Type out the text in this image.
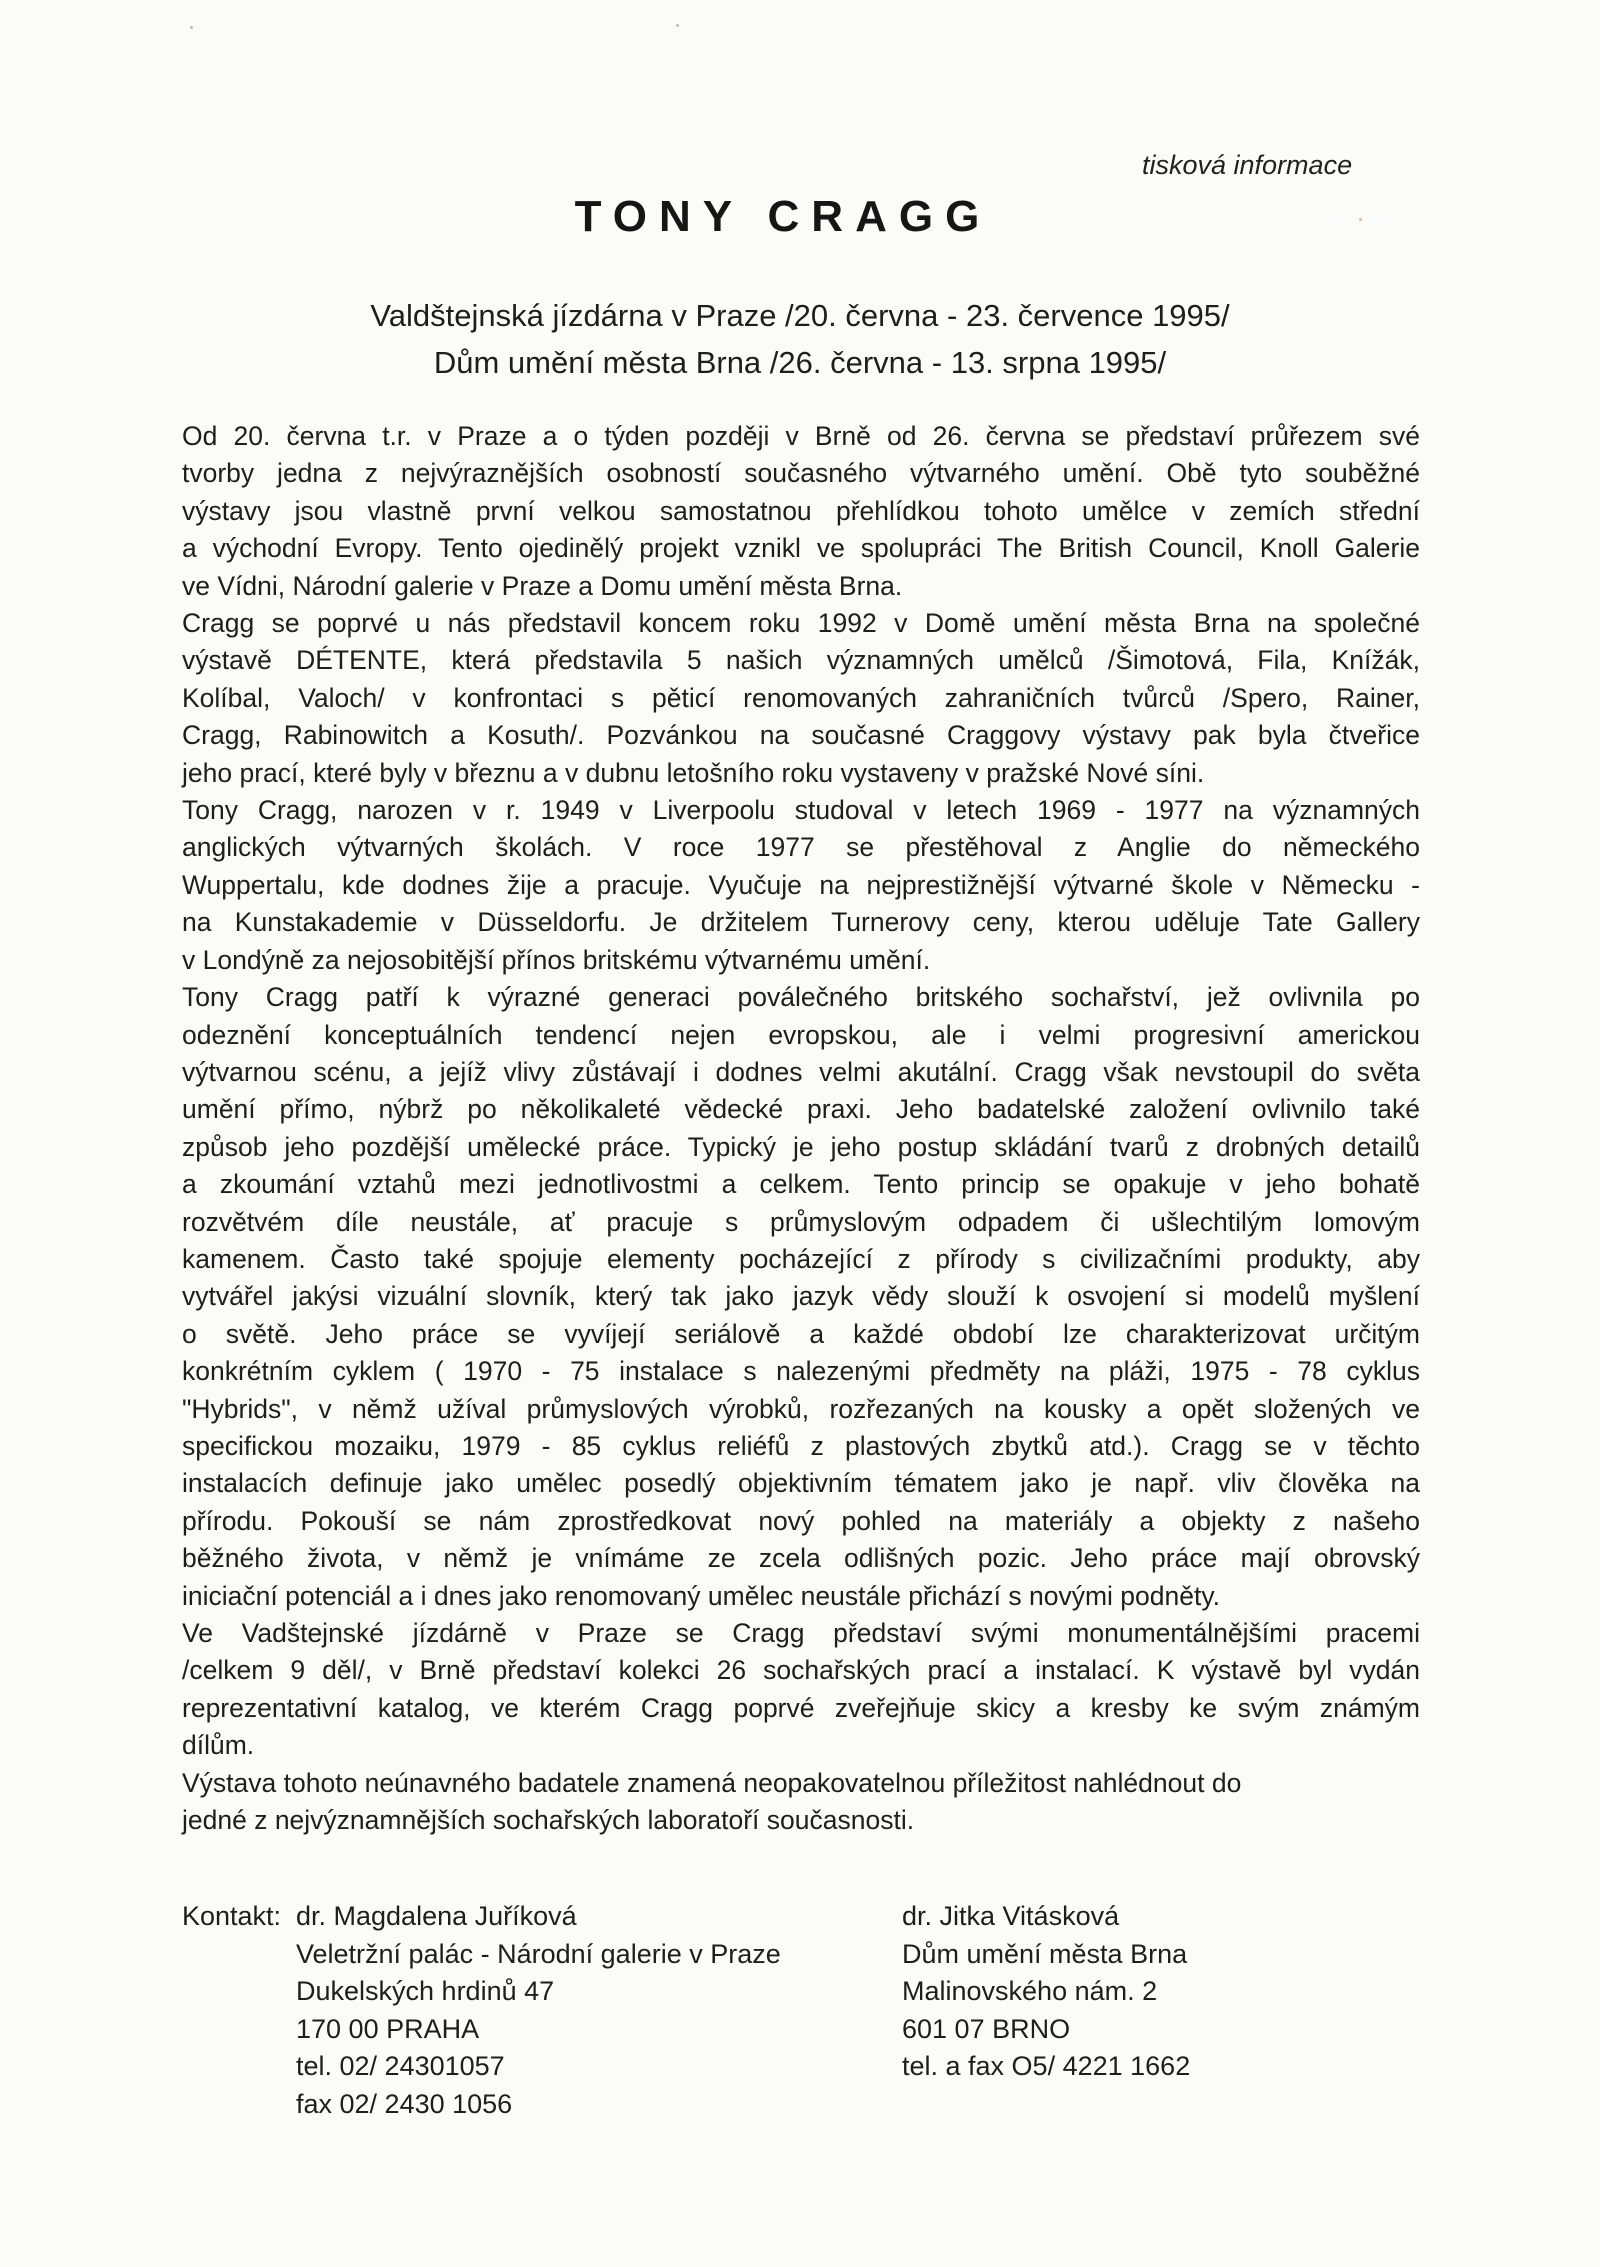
tisková informace
TONY CRAGG
Valdštejnská jízdárna v Praze /20. června - 23. července 1995/
Dům umění města Brna /26. června - 13. srpna 1995/

Od 20. června t.r. v Praze a o týden později v Brně od 26. června se představí průřezem své
tvorby jedna z nejvýraznějších osobností současného výtvarného umění. Obě tyto souběžné
výstavy jsou vlastně první velkou samostatnou přehlídkou tohoto umělce v zemích střední
a východní Evropy. Tento ojedinělý projekt vznikl ve spolupráci The British Council, Knoll Galerie
ve Vídni, Národní galerie v Praze a Domu umění města Brna.

Cragg se poprvé u nás představil koncem roku 1992 v Domě umění města Brna na společné
výstavě DÉTENTE, která představila 5 našich významných umělců /Šimotová, Fila, Knížák,
Kolíbal, Valoch/ v konfrontaci s pěticí renomovaných zahraničních tvůrců /Spero, Rainer,
Cragg, Rabinowitch a Kosuth/. Pozvánkou na současné Craggovy výstavy pak byla čtveřice
jeho prací, které byly v březnu a v dubnu letošního roku vystaveny v pražské Nové síni.

Tony Cragg, narozen v r. 1949 v Liverpoolu studoval v letech 1969 - 1977 na významných
anglických výtvarných školách. V roce 1977 se přestěhoval z Anglie do německého
Wuppertalu, kde dodnes žije a pracuje. Vyučuje na nejprestižnější výtvarné škole v Německu -
na Kunstakademie v Düsseldorfu. Je držitelem Turnerovy ceny, kterou uděluje Tate Gallery
v Londýně za nejosobitější přínos britskému výtvarnému umění.

Tony Cragg patří k výrazné generaci poválečného britského sochařství, jež ovlivnila po
odeznění konceptuálních tendencí nejen evropskou, ale i velmi progresivní americkou
výtvarnou scénu, a jejíž vlivy zůstávají i dodnes velmi akutální. Cragg však nevstoupil do světa
umění přímo, nýbrž po několikaleté vědecké praxi. Jeho badatelské založení ovlivnilo také
způsob jeho pozdější umělecké práce. Typický je jeho postup skládání tvarů z drobných detailů
a zkoumání vztahů mezi jednotlivostmi a celkem. Tento princip se opakuje v jeho bohatě
rozvětvém díle neustále, ať pracuje s průmyslovým odpadem či ušlechtilým lomovým
kamenem. Často také spojuje elementy pocházející z přírody s civilizačními produkty, aby
vytvářel jakýsi vizuální slovník, který tak jako jazyk vědy slouží k osvojení si modelů myšlení
o světě. Jeho práce se vyvíjejí seriálově a každé období lze charakterizovat určitým
konkrétním cyklem ( 1970 - 75 instalace s nalezenými předměty na pláži, 1975 - 78 cyklus
"Hybrids", v němž užíval průmyslových výrobků, rozřezaných na kousky a opět složených ve
specifickou mozaiku, 1979 - 85 cyklus reliéfů z plastových zbytků atd.). Cragg se v těchto
instalacích definuje jako umělec posedlý objektivním tématem jako je např. vliv člověka na
přírodu. Pokouší se nám zprostředkovat nový pohled na materiály a objekty z našeho
běžného života, v němž je vnímáme ze zcela odlišných pozic. Jeho práce mají obrovský
iniciační potenciál a i dnes jako renomovaný umělec neustále přichází s novými podněty.

Ve Vadštejnské jízdárně v Praze se Cragg představí svými monumentálnějšími pracemi
/celkem 9 děl/, v Brně představí kolekci 26 sochařských prací a instalací. K výstavě byl vydán
reprezentativní katalog, ve kterém Cragg poprvé zveřejňuje skicy a kresby ke svým známým
dílům.

Výstava tohoto neúnavného badatele znamená neopakovatelnou příležitost nahlédnout do
jedné z nejvýznamnějších sochařských laboratoří současnosti.

Kontakt: dr. Magdalena Juříková
Veletržní palác - Národní galerie v Praze
Dukelských hrdinů 47
170 00 PRAHA
tel. 02/ 24301057
fax 02/ 2430 1056
dr. Jitka Vitásková
Dům umění města Brna
Malinovského nám. 2
601 07 BRNO
tel. a fax O5/ 4221 1662
